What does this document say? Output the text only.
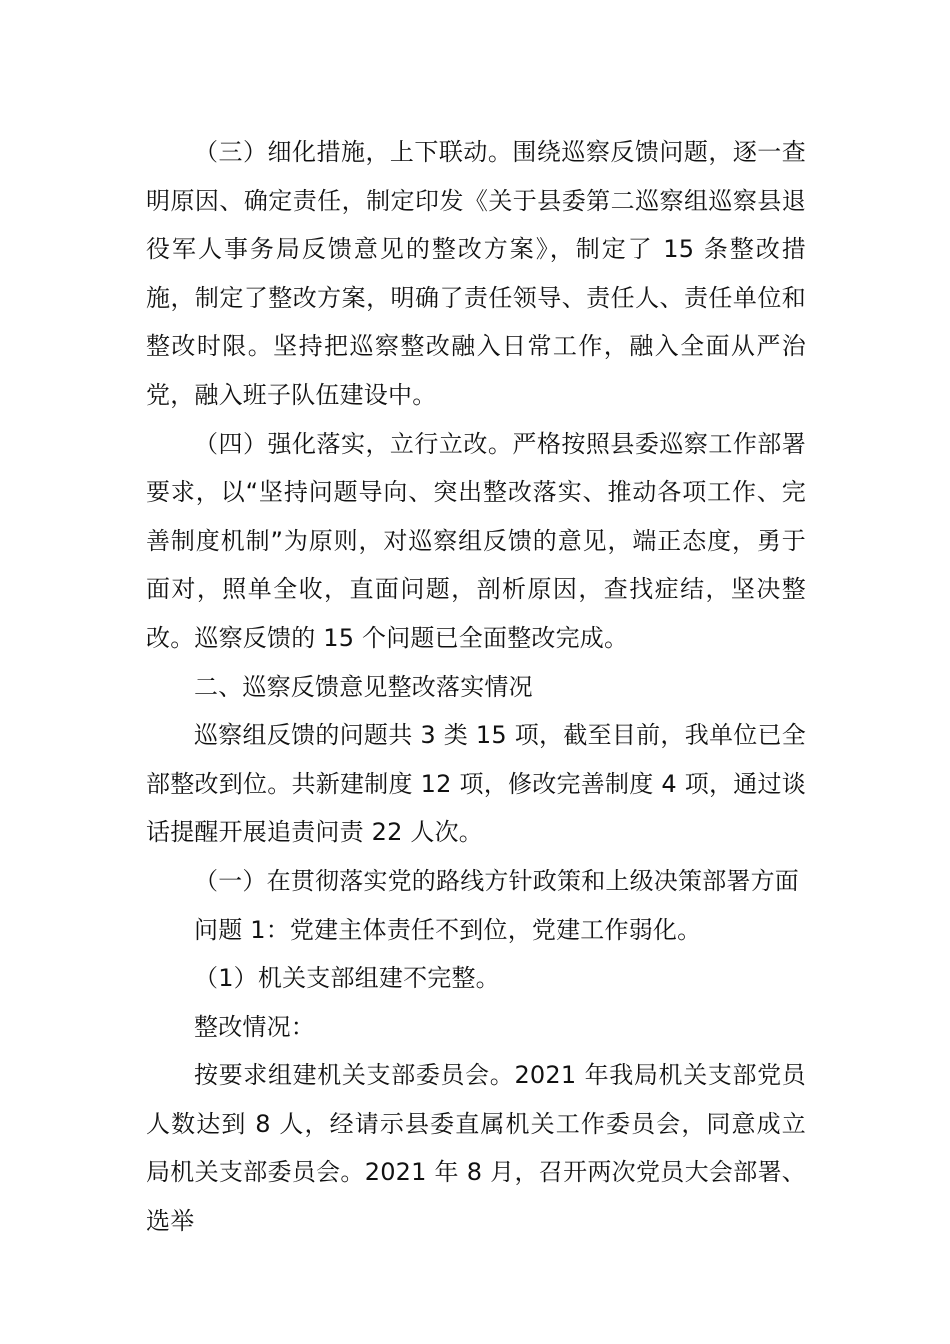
（三）细化措施，上下联动。围绕巡察反馈问题，逐一查明原因、确定责任，制定印发《关于县委第二巡察组巡察县退役军人事务局反馈意见的整改方案》，制定了 15 条整改措施，制定了整改方案，明确了责任领导、责任人、责任单位和整改时限。坚持把巡察整改融入日常工作，融入全面从严治党，融入班子队伍建设中。

（四）强化落实，立行立改。严格按照县委巡察工作部署要求，以“坚持问题导向、突出整改落实、推动各项工作、完善制度机制”为原则，对巡察组反馈的意见，端正态度，勇于面对，照单全收，直面问题，剖析原因，查找症结，坚决整改。巡察反馈的 15 个问题已全面整改完成。

二、巡察反馈意见整改落实情况

巡察组反馈的问题共 3 类 15 项，截至目前，我单位已全部整改到位。共新建制度 12 项，修改完善制度 4 项，通过谈话提醒开展追责问责 22 人次。

（一）在贯彻落实党的路线方针政策和上级决策部署方面

问题 1：党建主体责任不到位，党建工作弱化。

（1）机关支部组建不完整。

整改情况：

按要求组建机关支部委员会。2021 年我局机关支部党员人数达到 8 人，经请示县委直属机关工作委员会，同意成立局机关支部委员会。2021 年 8 月，召开两次党员大会部署、选举
